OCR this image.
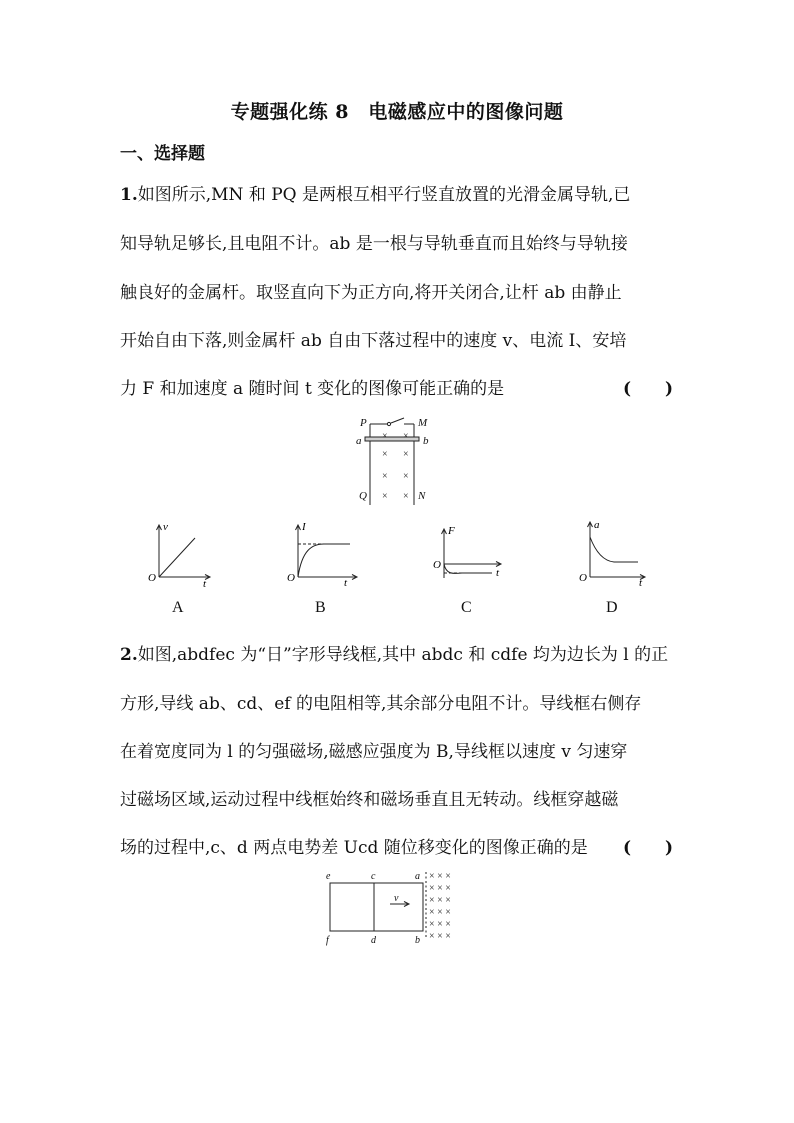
专题强化练 8　电磁感应中的图像问题
一、选择题
1.如图所示,MN 和 PQ 是两根互相平行竖直放置的光滑金属导轨,已
知导轨足够长,且电阻不计。ab 是一根与导轨垂直而且始终与导轨接
触良好的金属杆。取竖直向下为正方向,将开关闭合,让杆 ab 由静止
开始自由下落,则金属杆 ab 自由下落过程中的速度 v、电流 I、安培
力 F 和加速度 a 随时间 t 变化的图像可能正确的是	(　　)
× ×
× ×
× ×
× ×
P	M
a	b
Q	N
v
t
O
A
I
t
O
B
F
t
O
C
a
t
O
D
2.如图,abdfec 为“日”字形导线框,其中 abdc 和 cdfe 均为边长为 l 的正
方形,导线 ab、cd、ef 的电阻相等,其余部分电阻不计。导线框右侧存
在着宽度同为 l 的匀强磁场,磁感应强度为 B,导线框以速度 v 匀速穿
过磁场区域,运动过程中线框始终和磁场垂直且无转动。线框穿越磁
场的过程中,c、d 两点电势差 Ucd 随位移变化的图像正确的是 (　　)
× × ×
× × ×
× × ×
× × ×
× × ×
× × ×
e	c	a
f	d	b
v
